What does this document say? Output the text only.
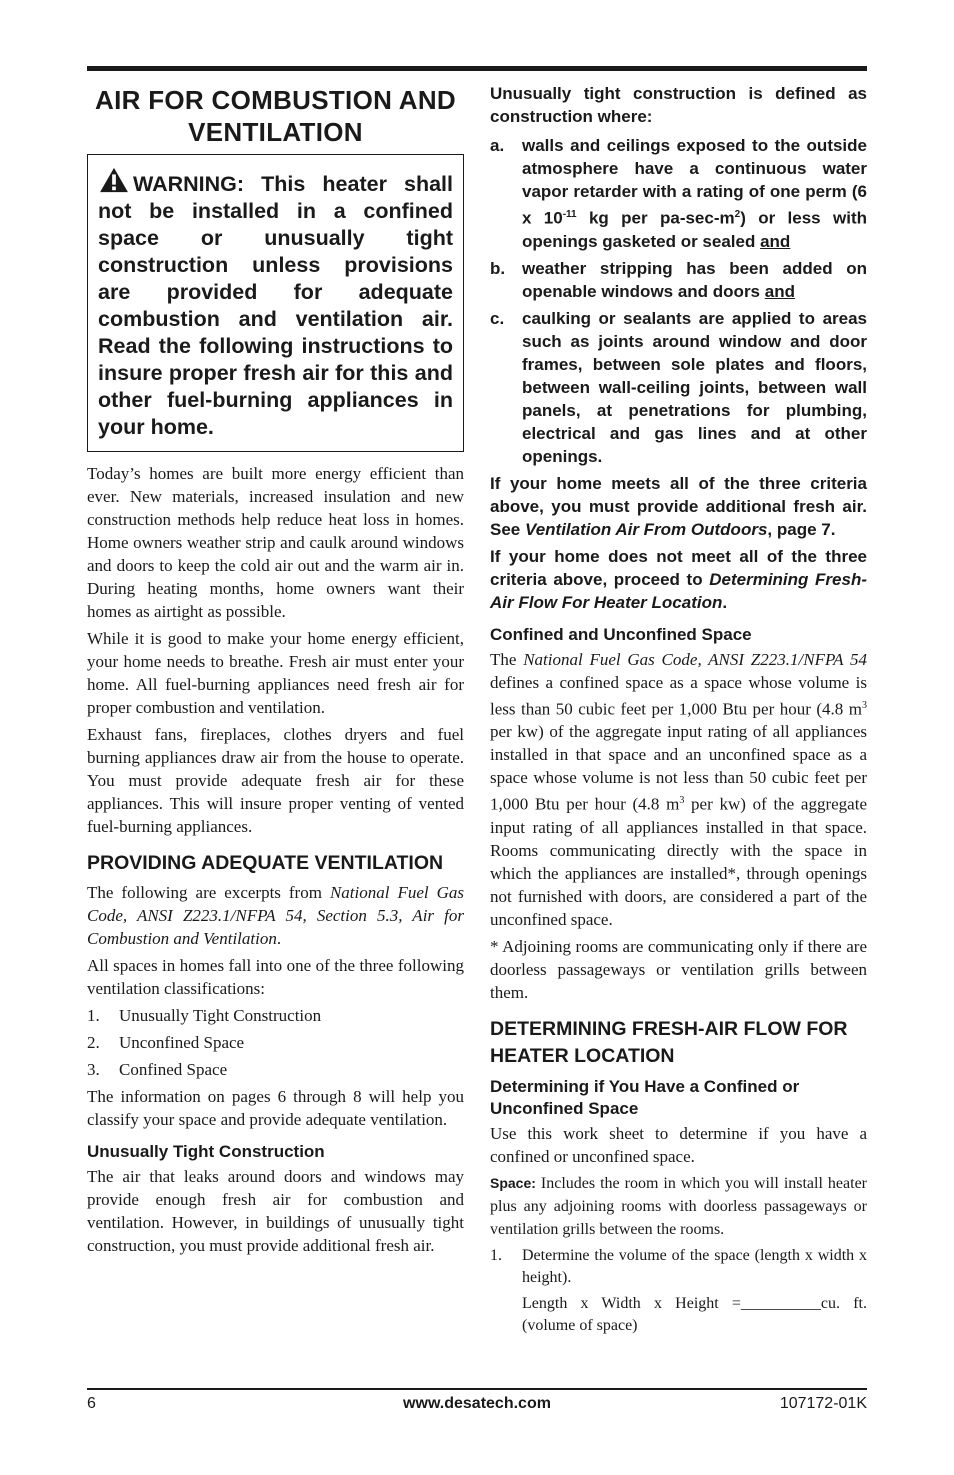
AIR FOR COMBUSTION AND VENTILATION
WARNING: This heater shall not be installed in a confined space or unusually tight construction unless provisions are provided for adequate combustion and ventilation air. Read the following instructions to insure proper fresh air for this and other fuel-burning appliances in your home.

Today’s homes are built more energy efficient than ever. New materials, increased insulation and new construction methods help reduce heat loss in homes. Home owners weather strip and caulk around windows and doors to keep the cold air out and the warm air in. During heating months, home owners want their homes as airtight as possible.

While it is good to make your home energy efficient, your home needs to breathe. Fresh air must enter your home. All fuel-burning appliances need fresh air for proper combustion and ventilation.

Exhaust fans, fireplaces, clothes dryers and fuel burning appliances draw air from the house to operate. You must provide adequate fresh air for these appliances. This will insure proper venting of vented fuel-burning appliances.

PROVIDING ADEQUATE VENTILATION

The following are excerpts from National Fuel Gas Code, ANSI Z223.1/NFPA 54, Section 5.3, Air for Combustion and Ventilation.

All spaces in homes fall into one of the three following ventilation classifications:

1.	Unusually Tight Construction
2.	Unconfined Space
3.	Confined Space

The information on pages 6 through 8 will help you classify your space and provide adequate ventilation.

Unusually Tight Construction

The air that leaks around doors and windows may provide enough fresh air for combustion and ventilation. However, in buildings of unusually tight construction, you must provide additional fresh air.

Unusually tight construction is defined as construction where:

a.	walls and ceilings exposed to the outside atmosphere have a continuous water vapor retarder with a rating of one perm (6 x $10^{-11}$ kg per $pa-\sec-m^2$) or less with openings gasketed or sealed and
b. weather stripping has been added on openable windows and doors and
c.	caulking or sealants are applied to areas such as joints around window and door frames, between sole plates and floors, between wall-ceiling joints, between wall panels, at penetrations for plumbing, electrical and gas lines and at other openings.

If your home meets all of the three criteria above, you must provide additional fresh air. See Ventilation Air From Outdoors, page 7.

If your home does not meet all of the three criteria above, proceed to Determining Fresh-Air Flow For Heater Location.

Confined and Unconfined Space

The National Fuel Gas Code, ANSI Z223.1/NFPA 54 defines a confined space as a space whose volume is less than 50 cubic feet per 1,000 Btu per hour (4.8 $m^3$ per kw) of the aggregate input rating of all appliances installed in that space and an unconfined space as a space whose volume is not less than 50 cubic feet per 1,000 Btu per hour (4.8 $m^3$ per kw) of the aggregate input rating of all appliances installed in that space. Rooms communicating directly with the space in which the appliances are installed*, through openings not furnished with doors, are considered a part of the unconfined space.

* Adjoining rooms are communicating only if there are doorless passageways or ventilation grills between them.

DETERMINING FRESH-AIR FLOW FOR HEATER LOCATION
Determining if You Have a Confined or Unconfined Space

Use this work sheet to determine if you have a confined or unconfined space.

Space: Includes the room in which you will install heater plus any adjoining rooms with doorless passageways or ventilation grills between the rooms.

1.	Determine the volume of the space (length x width x height).

Length x Width x Height =__________cu. ft. (volume of space)

6	www.desatech.com	107172-01K
